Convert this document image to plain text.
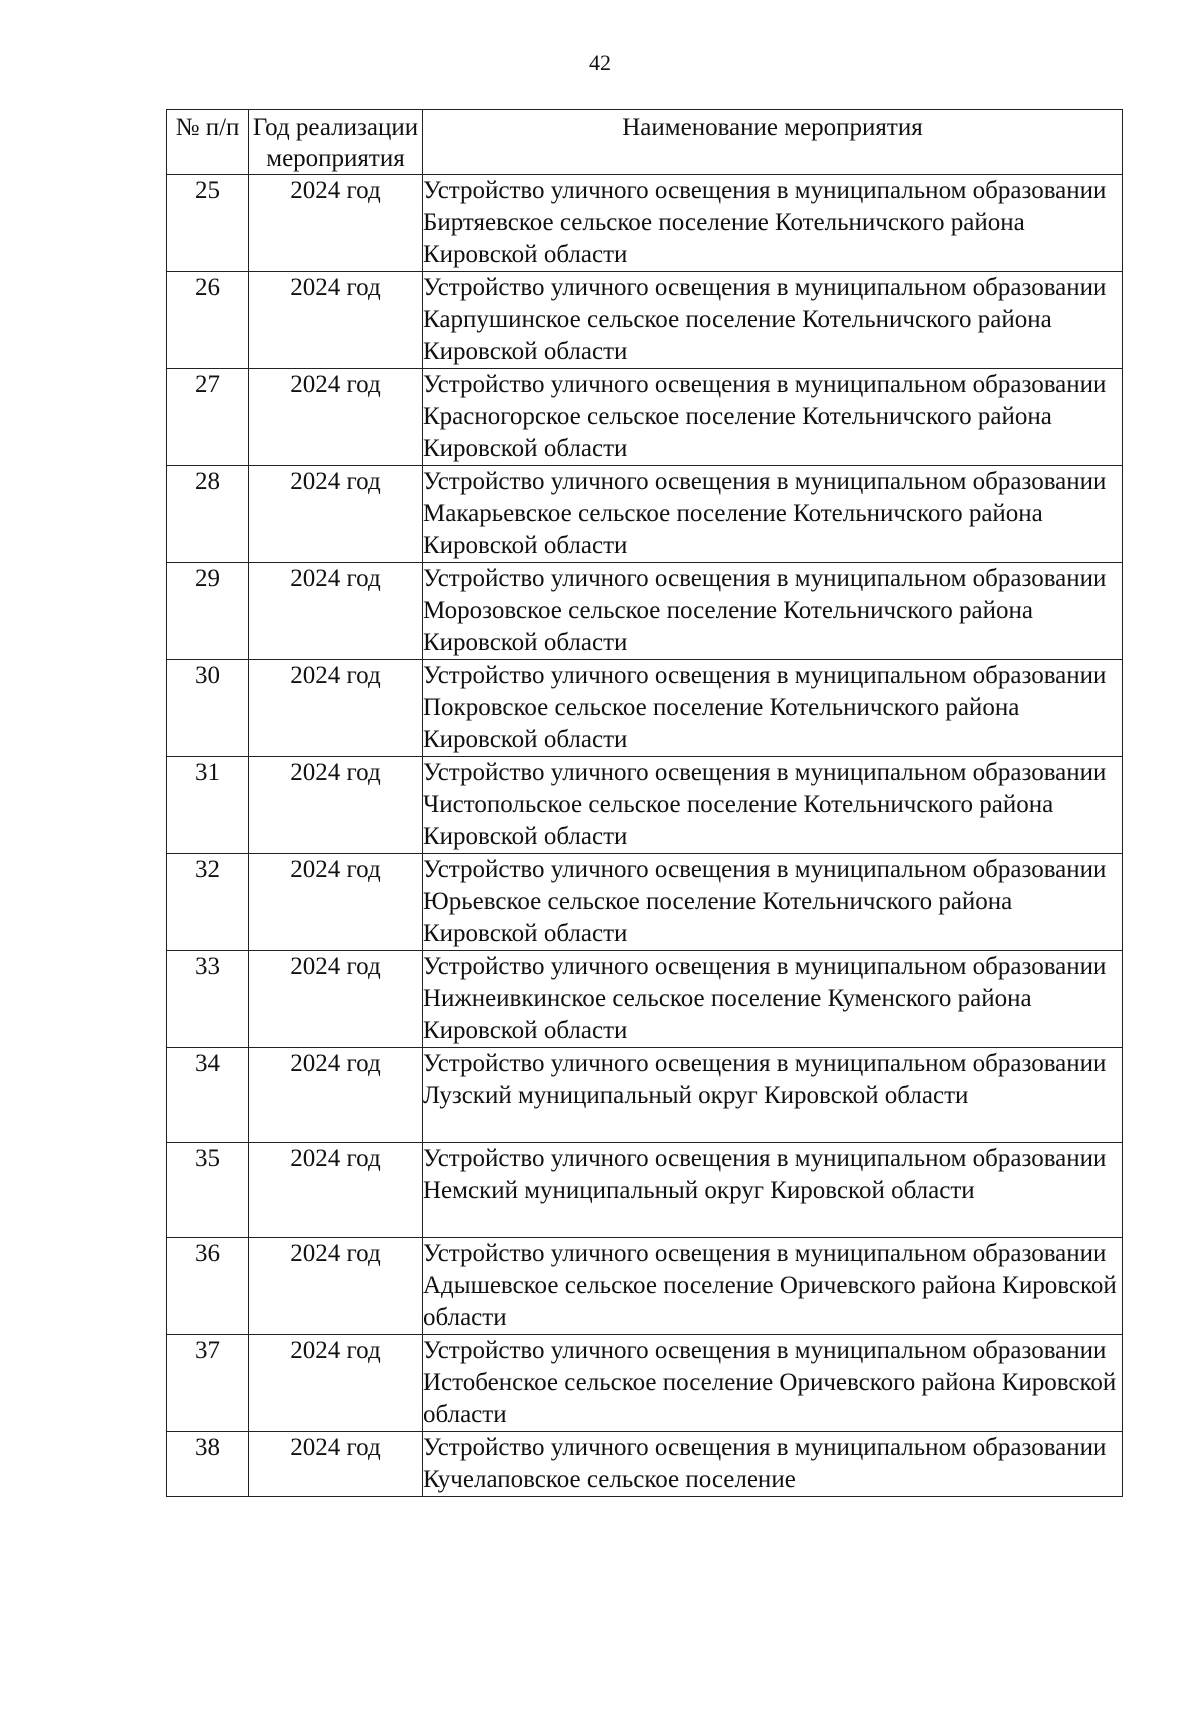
42
№ п/п	Год реализации мероприятия	Наименование мероприятия
25	2024 год	Устройство уличного освещения в муниципальном образовании Биртяевское сельское поселение Котельничского района Кировской области
26	2024 год	Устройство уличного освещения в муниципальном образовании Карпушинское сельское поселение Котельничского района Кировской области
27	2024 год	Устройство уличного освещения в муниципальном образовании Красногорское сельское поселение Котельничского района Кировской области
28	2024 год	Устройство уличного освещения в муниципальном образовании Макарьевское сельское поселение Котельничского района Кировской области
29	2024 год	Устройство уличного освещения в муниципальном образовании Морозовское сельское поселение Котельничского района Кировской области
30	2024 год	Устройство уличного освещения в муниципальном образовании Покровское сельское поселение Котельничского района Кировской области
31	2024 год	Устройство уличного освещения в муниципальном образовании Чистопольское сельское поселение Котельничского района Кировской области
32	2024 год	Устройство уличного освещения в муниципальном образовании Юрьевское сельское поселение Котельничского района Кировской области
33	2024 год	Устройство уличного освещения в муниципальном образовании Нижнеивкинское сельское поселение Куменского района Кировской области
34	2024 год	Устройство уличного освещения в муниципальном образовании Лузский муниципальный округ Кировской области
35	2024 год	Устройство уличного освещения в муниципальном образовании Немский муниципальный округ Кировской области
36	2024 год	Устройство уличного освещения в муниципальном образовании Адышевское сельское поселение Оричевского района Кировской области
37	2024 год	Устройство уличного освещения в муниципальном образовании Истобенское сельское поселение Оричевского района Кировской области
38	2024 год	Устройство уличного освещения в муниципальном образовании Кучелаповское сельское поселение
